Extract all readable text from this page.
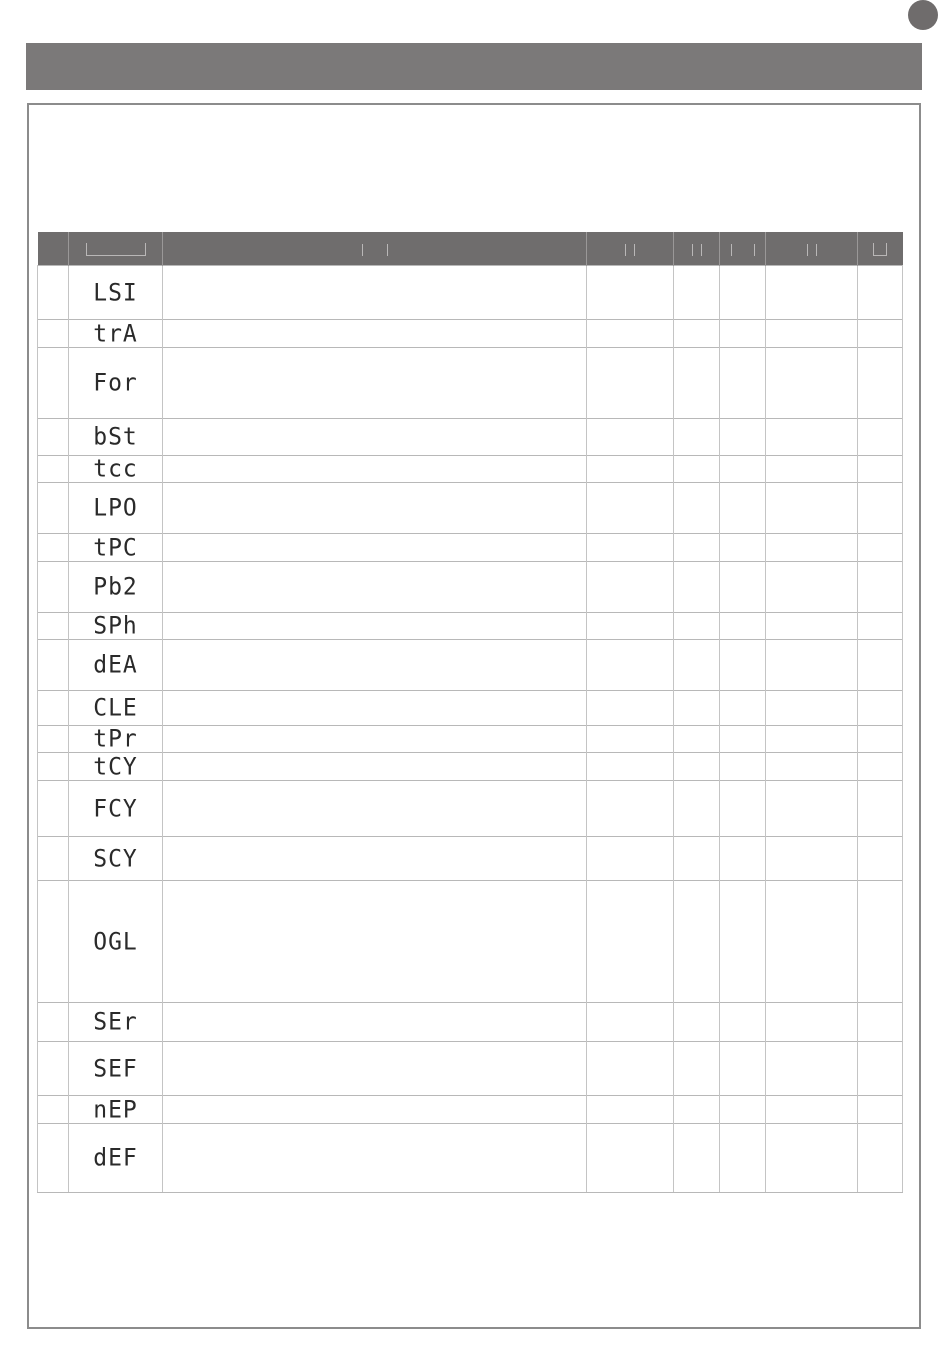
	LSI						
	trA						
	For						
	bSt						
	tcc						
	LPO						
	tPC						
	Pb2						
	SPh						
	dEA						
	CLE						
	tPr						
	tCY						
	FCY						
	SCY						
	OGL						
	SEr						
	SEF						
	nEP						
	dEF						
